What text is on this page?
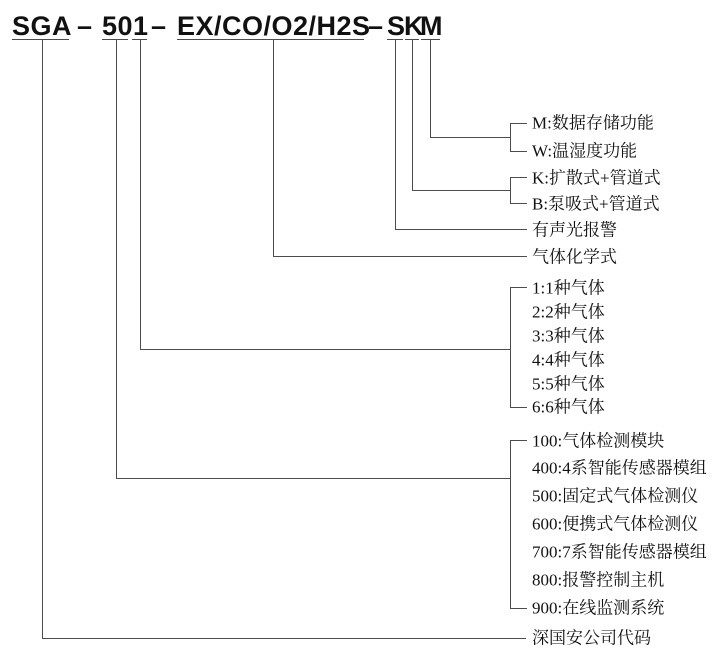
SGA – 50 1 – EX/CO/O2/H2S
– S
K
M
M:数据存储功能
W:温湿度功能
K:扩散式+管道式
B:泵吸式+管道式
有声光报警
气体化学式
1:1种气体
2:2种气体
3:3种气体
4:4种气体
5:5种气体
6:6种气体
100:气体检测模块
400:4系智能传感器模组
500:固定式气体检测仪
600:便携式气体检测仪
700:7系智能传感器模组
800:报警控制主机
900:在线监测系统
深国安公司代码
